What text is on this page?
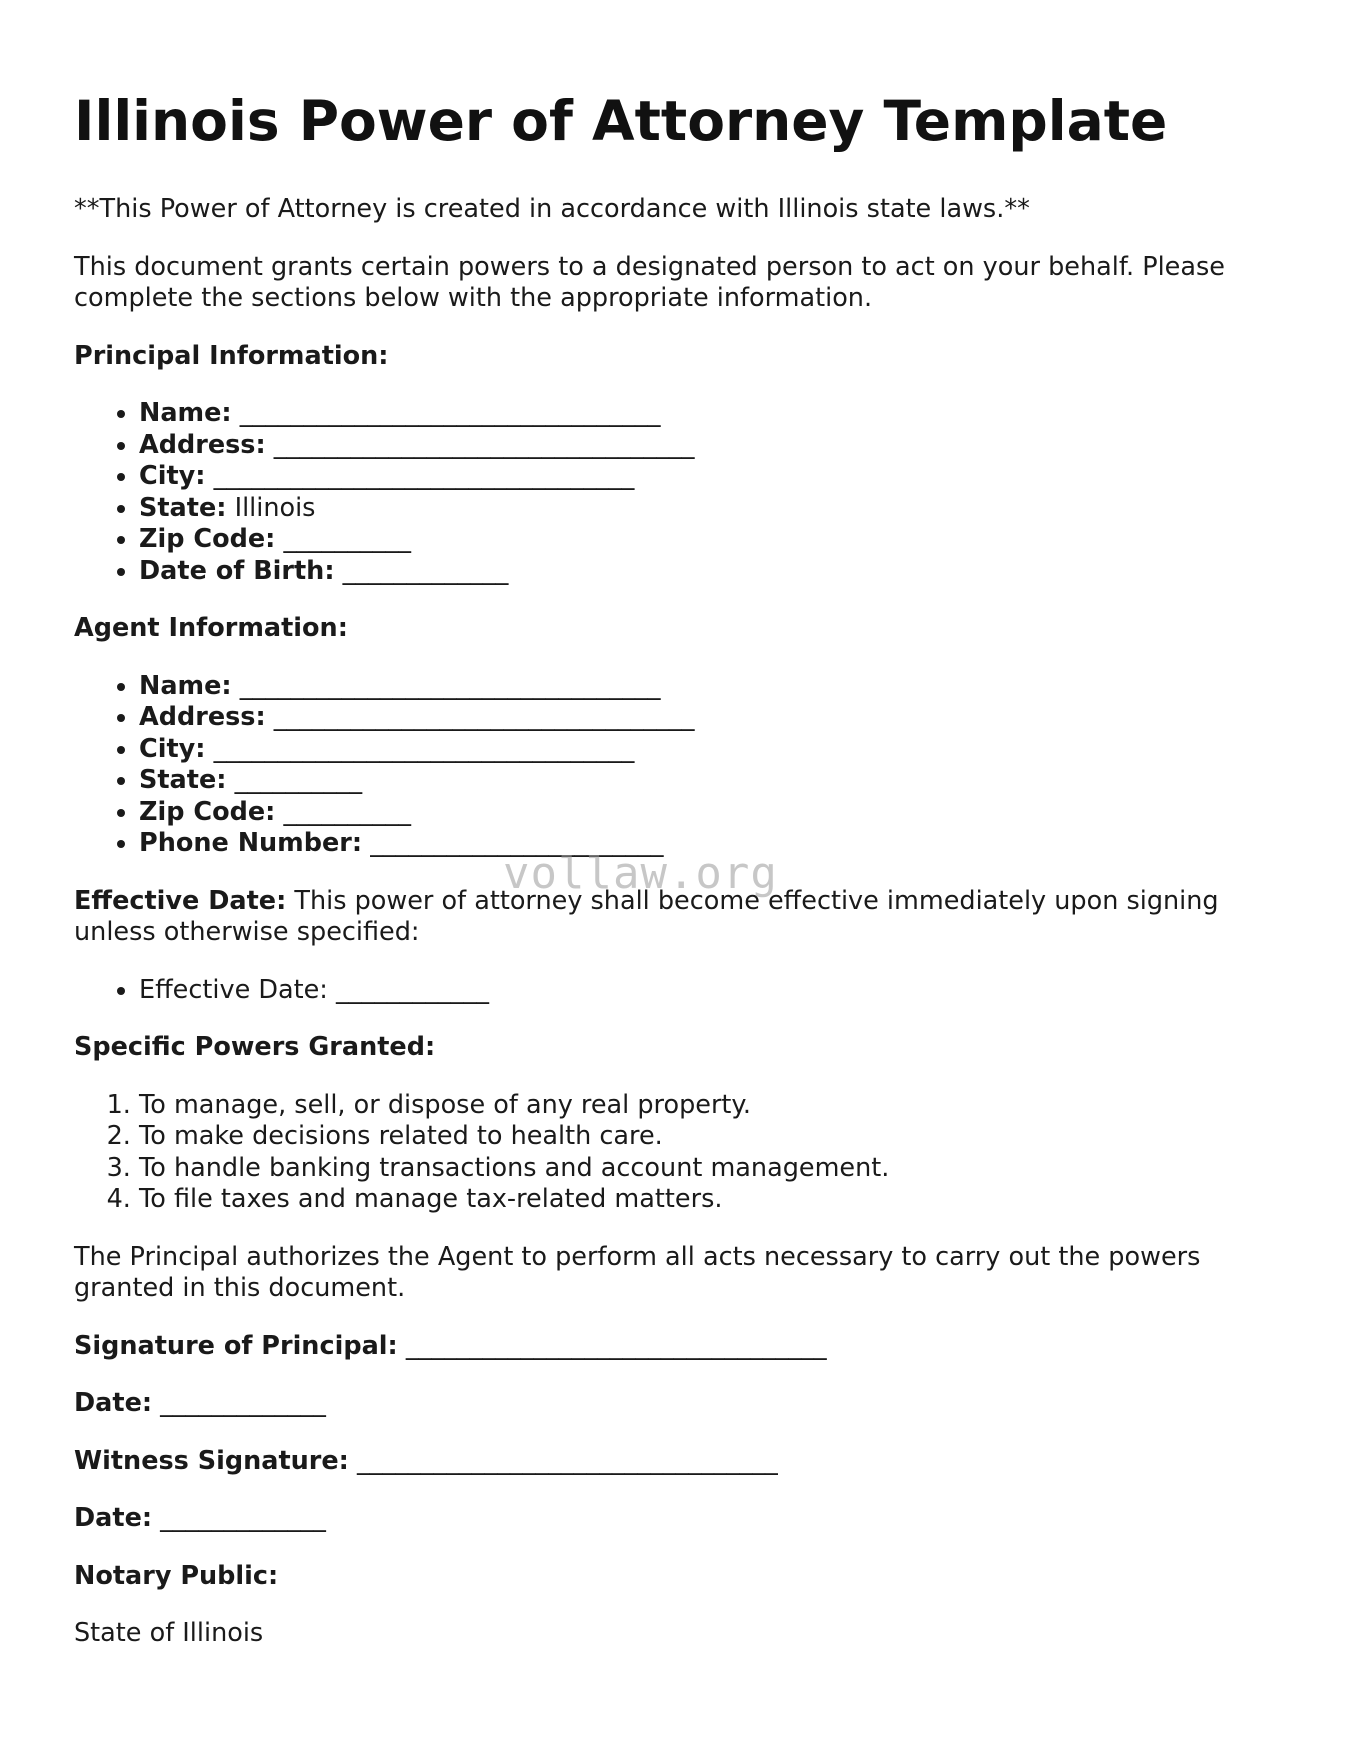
Illinois Power of Attorney Template

**This Power of Attorney is created in accordance with Illinois state laws.**

This document grants certain powers to a designated person to act on your behalf. Please complete the sections below with the appropriate information.

Principal Information:

• Name: _________________________________
• Address: _________________________________
• City: _________________________________
• State: Illinois
• Zip Code: __________
• Date of Birth: _____________

Agent Information:

• Name: _________________________________
• Address: _________________________________
• City: _________________________________
• State: __________
• Zip Code: __________
• Phone Number: _______________________

Effective Date: This power of attorney shall become effective immediately upon signing unless otherwise specified:

• Effective Date: ____________

Specific Powers Granted:

1. To manage, sell, or dispose of any real property.
2. To make decisions related to health care.
3. To handle banking transactions and account management.
4. To file taxes and manage tax-related matters.

The Principal authorizes the Agent to perform all acts necessary to carry out the powers granted in this document.

Signature of Principal: _________________________________

Date: _____________

Witness Signature: _________________________________

Date: _____________

Notary Public:

State of Illinois

vollaw.org
